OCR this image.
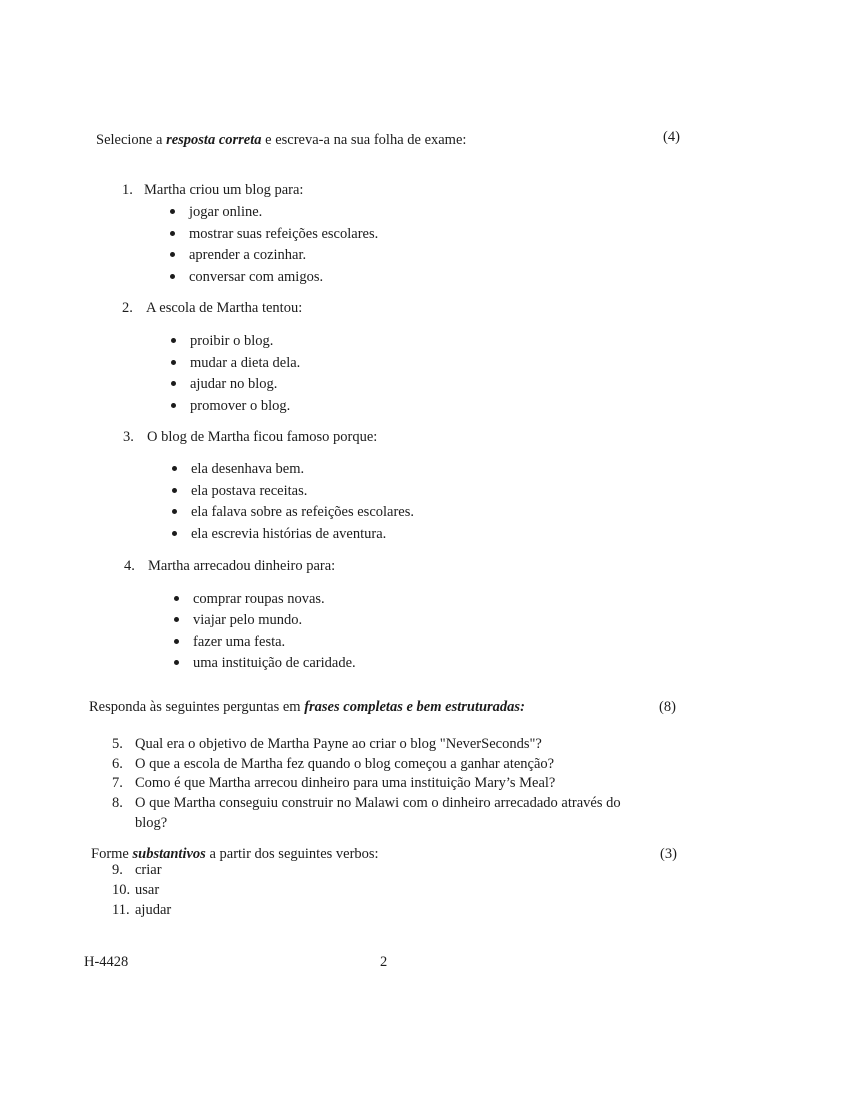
Selecione a resposta correta e escreva-a na sua folha de exame:	(4)
1. Martha criou um blog para:
jogar online.
mostrar suas refeições escolares.
aprender a cozinhar.
conversar com amigos.
2. A escola de Martha tentou:
proibir o blog.
mudar a dieta dela.
ajudar no blog.
promover o blog.
3. O blog de Martha ficou famoso porque:
ela desenhava bem.
ela postava receitas.
ela falava sobre as refeições escolares.
ela escrevia histórias de aventura.
4. Martha arrecadou dinheiro para:
comprar roupas novas.
viajar pelo mundo.
fazer uma festa.
uma instituição de caridade.
Responda às seguintes perguntas em frases completas e bem estruturadas:	(8)
5. Qual era o objetivo de Martha Payne ao criar o blog "NeverSeconds"?
6. O que a escola de Martha fez quando o blog começou a ganhar atenção?
7. Como é que Martha arrecou dinheiro para uma instituição Mary’s Meal?
8. O que Martha conseguiu construir no Malawi com o dinheiro arrecadado através do
blog?
Forme substantivos a partir dos seguintes verbos:	(3)
9. criar
10. usar
11. ajudar
H-4428	2
